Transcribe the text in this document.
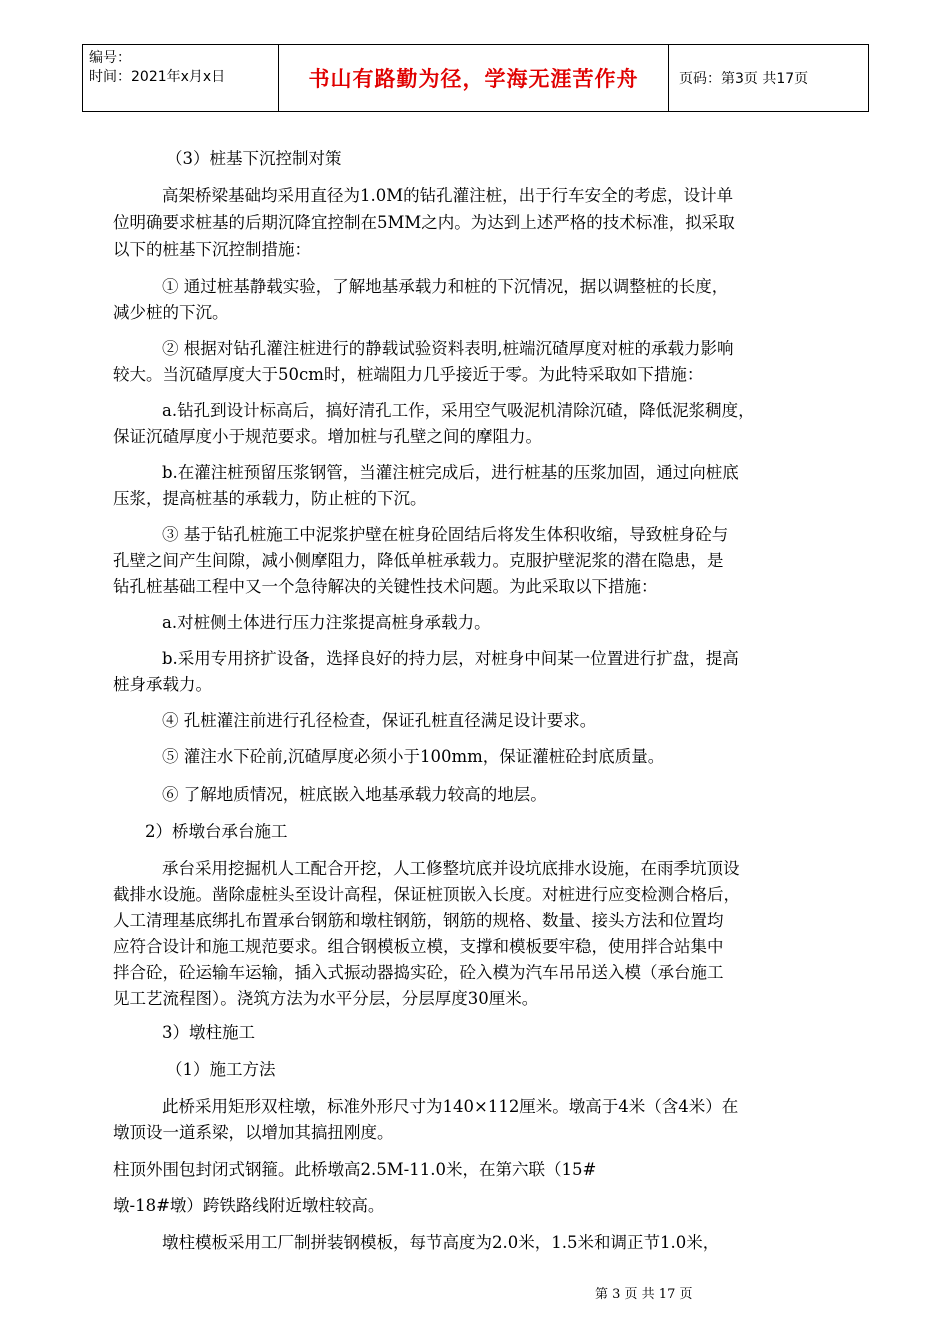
编号：
时间：2021年x月x日	书山有路勤为径，学海无涯苦作舟	页码：第3页 共17页
（3）桩基下沉控制对策
高架桥梁基础均采用直径为1.0M的钻孔灌注桩，出于行车安全的考虑，设计单
位明确要求桩基的后期沉降宜控制在5MM之内。为达到上述严格的技术标准，拟采取
以下的桩基下沉控制措施：
① 通过桩基静载实验，了解地基承载力和桩的下沉情况，据以调整桩的长度，
减少桩的下沉。
② 根据对钻孔灌注桩进行的静载试验资料表明,桩端沉碴厚度对桩的承载力影响
较大。当沉碴厚度大于50cm时，桩端阻力几乎接近于零。为此特采取如下措施：
a.钻孔到设计标高后，搞好清孔工作，采用空气吸泥机清除沉碴，降低泥浆稠度，
保证沉碴厚度小于规范要求。增加桩与孔壁之间的摩阻力。
b.在灌注桩预留压浆钢管，当灌注桩完成后，进行桩基的压浆加固，通过向桩底
压浆，提高桩基的承载力，防止桩的下沉。
③ 基于钻孔桩施工中泥浆护壁在桩身砼固结后将发生体积收缩，导致桩身砼与
孔壁之间产生间隙，减小侧摩阻力，降低单桩承载力。克服护壁泥浆的潜在隐患，是
钻孔桩基础工程中又一个急待解决的关键性技术问题。为此采取以下措施：
a.对桩侧土体进行压力注浆提高桩身承载力。
b.采用专用挤扩设备，选择良好的持力层，对桩身中间某一位置进行扩盘，提高
桩身承载力。
④ 孔桩灌注前进行孔径检查，保证孔桩直径满足设计要求。
⑤ 灌注水下砼前,沉碴厚度必须小于100mm，保证灌桩砼封底质量。
⑥ 了解地质情况，桩底嵌入地基承载力较高的地层。
2）桥墩台承台施工
承台采用挖掘机人工配合开挖，人工修整坑底并设坑底排水设施，在雨季坑顶设
截排水设施。凿除虚桩头至设计高程，保证桩顶嵌入长度。对桩进行应变检测合格后，
人工清理基底绑扎布置承台钢筋和墩柱钢筋，钢筋的规格、数量、接头方法和位置均
应符合设计和施工规范要求。组合钢模板立模，支撑和模板要牢稳，使用拌合站集中
拌合砼，砼运输车运输，插入式振动器捣实砼，砼入模为汽车吊吊送入模（承台施工
见工艺流程图）。浇筑方法为水平分层，分层厚度30厘米。
3）墩柱施工
（1）施工方法
此桥采用矩形双柱墩，标准外形尺寸为140×112厘米。墩高于4米（含4米）在
墩顶设一道系梁，以增加其搞扭刚度。
柱顶外围包封闭式钢箍。此桥墩高2.5M-11.0米，在第六联（15#
墩-18#墩）跨铁路线附近墩柱较高。
墩柱模板采用工厂制拼装钢模板，每节高度为2.0米，1.5米和调正节1.0米，
第 3 页 共 17 页
